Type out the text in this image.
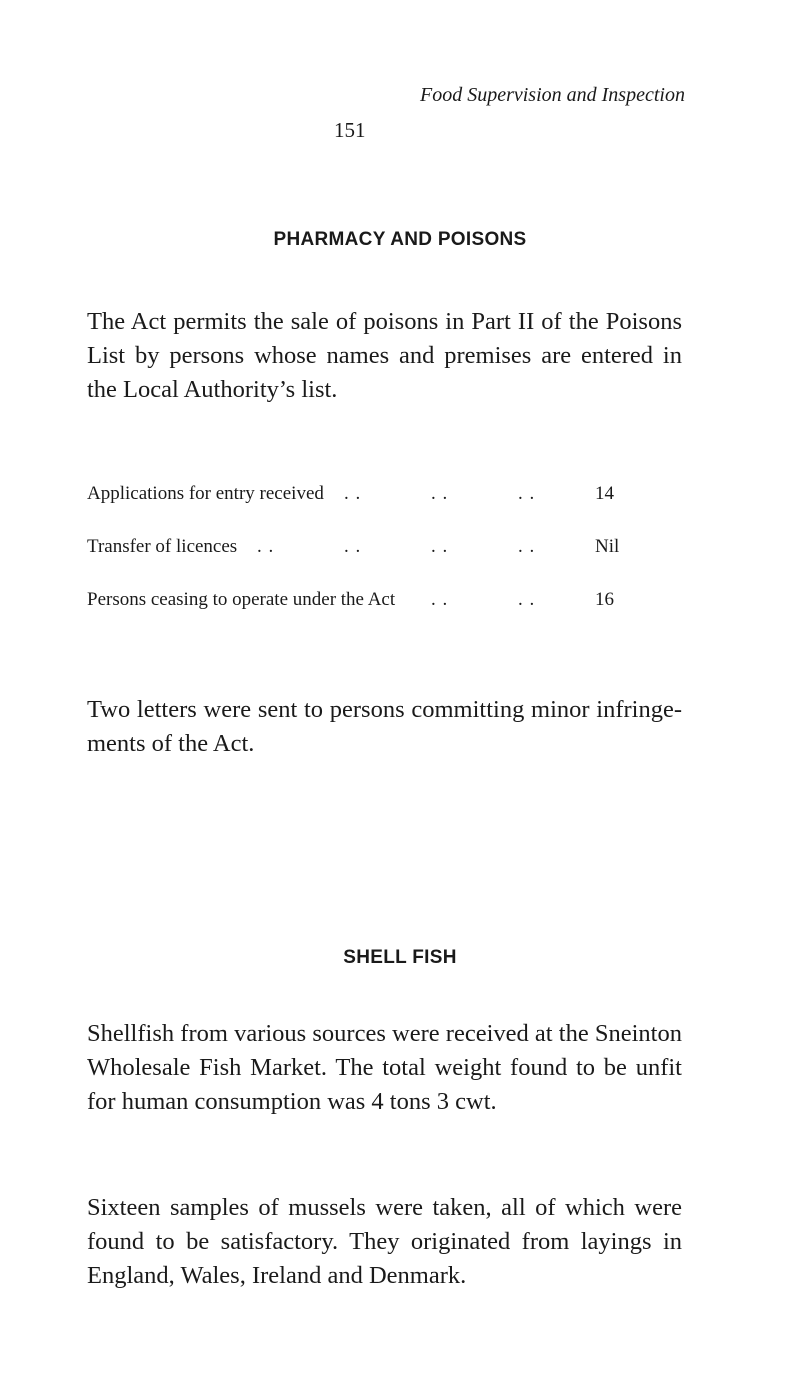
Food Supervision and Inspection
151
PHARMACY AND POISONS

The Act permits the sale of poisons in Part II of the Poisons List by persons whose names and premises are entered in the Local Authority’s list.

Applications for entry received . .	. .	. .	14
Transfer of licences . .	. .	. .	. .	Nil
Persons ceasing to operate under the Act . .	. .	16

Two letters were sent to persons committing minor infringe-ments of the Act.

SHELL FISH

Shellfish from various sources were received at the Sneinton Wholesale Fish Market. The total weight found to be unfit for human consumption was 4 tons 3 cwt.

Sixteen samples of mussels were taken, all of which were found to be satisfactory. They originated from layings in England, Wales, Ireland and Denmark.
